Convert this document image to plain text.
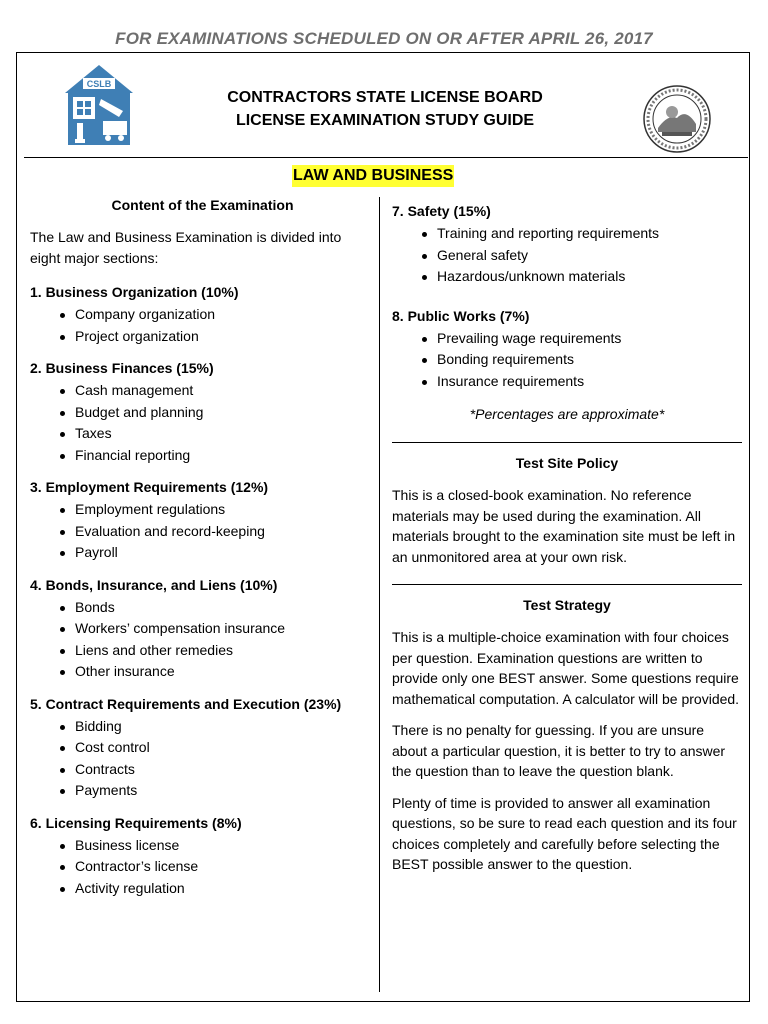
FOR EXAMINATIONS SCHEDULED ON OR AFTER APRIL 26, 2017
CSLB
CONTRACTORS STATE LICENSE BOARD
LICENSE EXAMINATION STUDY GUIDE
LAW AND BUSINESS
Content of the Examination

The Law and Business Examination is divided into eight major sections:

1. Business Organization (10%)
Company organization
Project organization
2. Business Finances (15%)
Cash management
Budget and planning
Taxes
Financial reporting
3. Employment Requirements (12%)
Employment regulations
Evaluation and record-keeping
Payroll
4. Bonds, Insurance, and Liens (10%)
Bonds
Workers’ compensation insurance
Liens and other remedies
Other insurance
5. Contract Requirements and Execution (23%)
Bidding
Cost control
Contracts
Payments
6. Licensing Requirements (8%)
Business license
Contractor’s license
Activity regulation
7. Safety (15%)
Training and reporting requirements
General safety
Hazardous/unknown materials
8. Public Works (7%)
Prevailing wage requirements
Bonding requirements
Insurance requirements
*Percentages are approximate*
Test Site Policy

This is a closed-book examination. No reference materials may be used during the examination. All materials brought to the examination site must be left in an unmonitored area at your own risk.

Test Strategy

This is a multiple-choice examination with four choices per question. Examination questions are written to provide only one BEST answer. Some questions require mathematical computation. A calculator will be provided.

There is no penalty for guessing. If you are unsure about a particular question, it is better to try to answer the question than to leave the question blank.

Plenty of time is provided to answer all examination questions, so be sure to read each question and its four choices completely and carefully before selecting the BEST possible answer to the question.
